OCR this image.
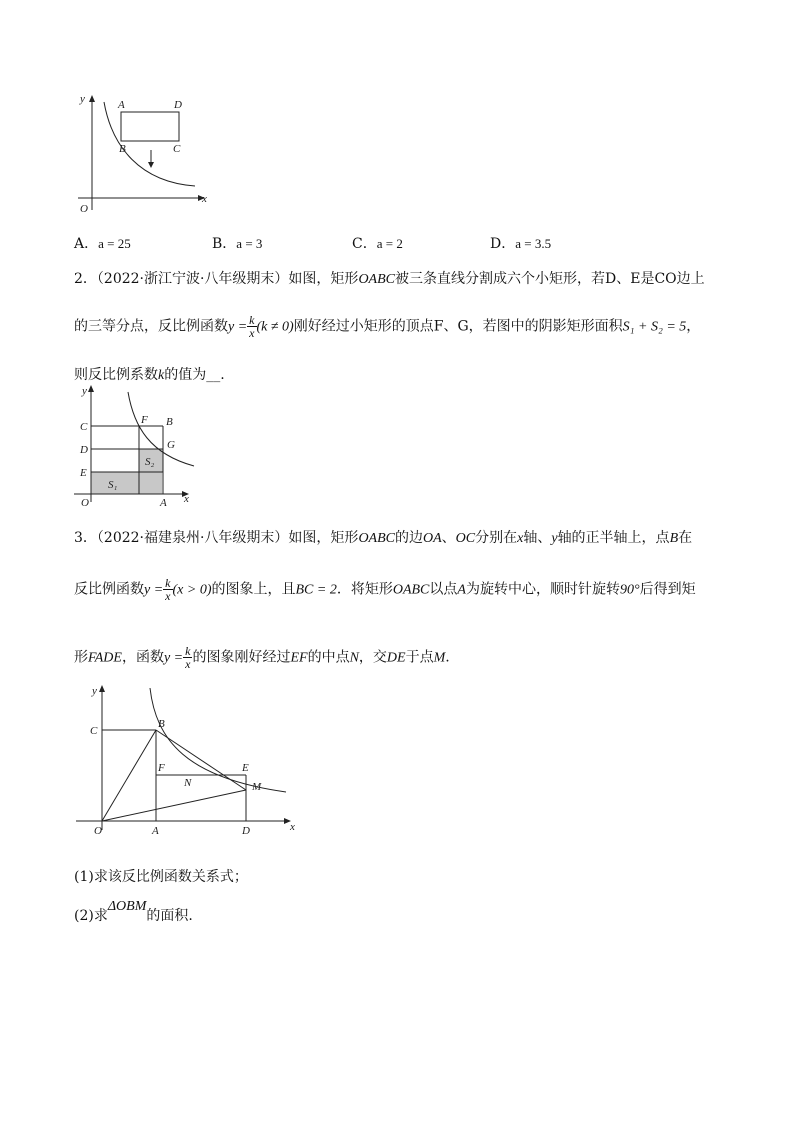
y
x
O
A	D
B	C
A．a = 25	B．a = 3	C．a = 2	D．a = 3.5
2．（2022·浙江宁波·八年级期末）如图，矩形OABC被三条直线分割成六个小矩形，若D、E是CO边上
的三等分点，反比例函数$y = \frac{k}{x} (k \ne 0)$刚好经过小矩形的顶点F、G，若图中的阴影矩形面积S₁ + S₂ = 5，
则反比例系数k的值为__.
y
x
O	A
C
D
E
F B
G
S₁
S₂
3．（2022·福建泉州·八年级期末）如图，矩形OABC的边OA、OC分别在x轴、y轴的正半轴上，点B在
反比例函数$y = \frac{k}{x} (x > 0)$的图象上，且BC = 2．将矩形OABC以点A为旋转中心，顺时针旋转90°后得到矩
形FADE，函数$y = \frac{k}{x}$ 的图象刚好经过EF的中点N，交DE于点M.
y
x
O	A	D
C
B
F	E
N	M
(1)求该反比例函数关系式；
(2)求ΔOBM的面积.
